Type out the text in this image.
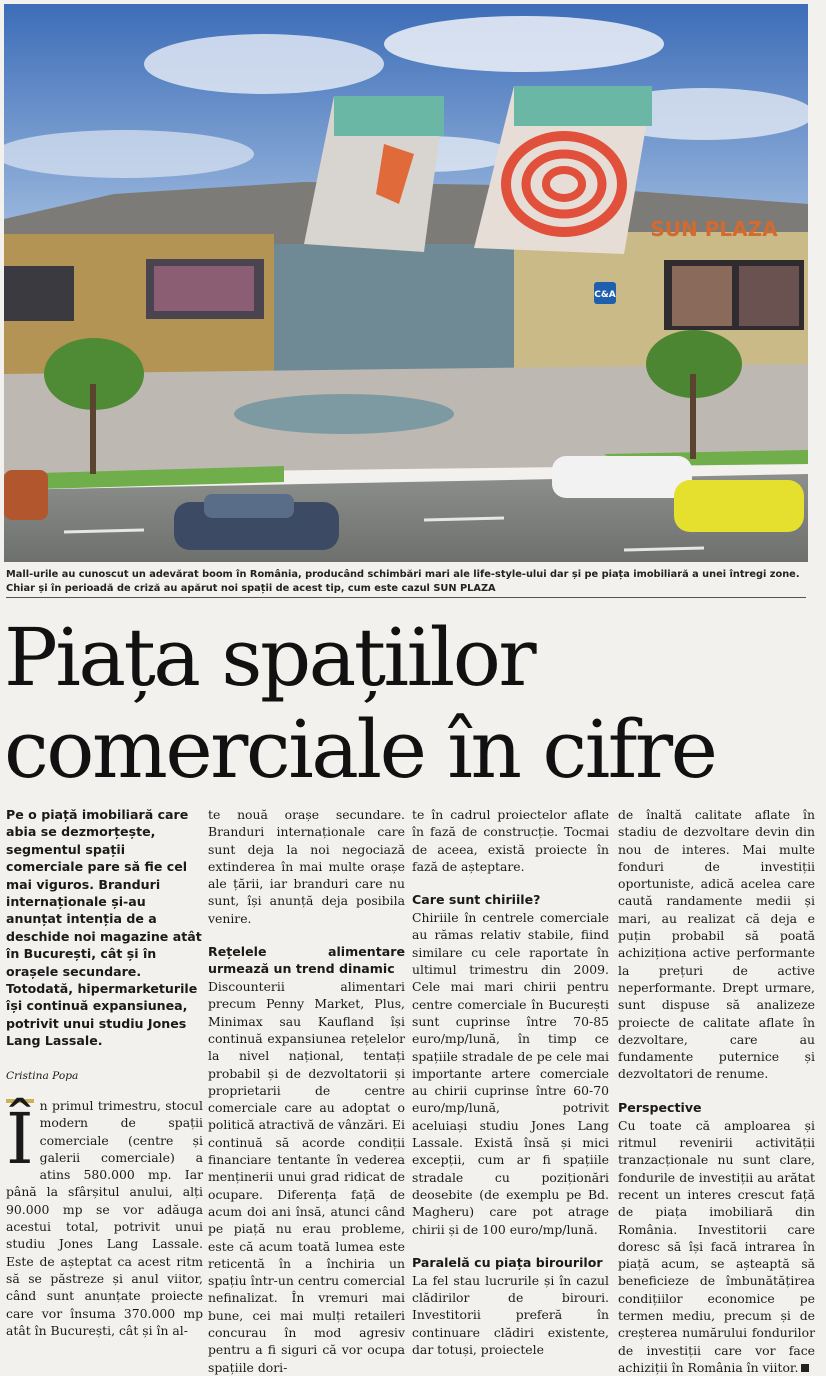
C&A
SUN PLAZA
Mall-urile au cunoscut un adevărat boom în România, producând schimbări mari ale life-style-ului dar și pe piața imobiliară a unei întregi zone.
Chiar și în perioadă de criză au apărut noi spații de acest tip, cum este cazul SUN PLAZA
Piața spațiilor
comerciale în cifre

Pe o piață imobiliară care abia se dezmorțește, segmentul spații comerciale pare să fie cel mai viguros. Branduri internaționale și-au anunțat intenția de a deschide noi magazine atât în București, cât și în orașele secundare. Totodată, hipermarketurile își continuă expansiunea, potrivit unui studiu Jones Lang Lassale.

Cristina Popa

Î n primul trimestru, stocul modern de spații comerciale (centre și galerii comerciale) a atins 580.000 mp. Iar până la sfârșitul anului, alți 90.000 mp se vor adăuga acestui total, potrivit unui studiu Jones Lang Lassale. Este de așteptat ca acest ritm să se păstreze și anul viitor, când sunt anunțate proiecte care vor însuma 370.000 mp atât în București, cât și în al-

te nouă orașe secundare. Branduri internaționale care sunt deja la noi negociază extinderea în mai multe orașe ale țării, iar branduri care nu sunt, își anunță deja posibila venire.

Rețelele alimentare urmează un trend dinamic

Discounterii alimentari precum Penny Market, Plus, Minimax sau Kaufland își continuă expansiunea rețelelor la nivel național, tentați probabil și de dezvoltatorii și proprietarii de centre comerciale care au adoptat o politică atractivă de vânzări. Ei continuă să acorde condiții financiare tentante în vederea menținerii unui grad ridicat de ocupare. Diferența față de acum doi ani însă, atunci când pe piață nu erau probleme, este că acum toată lumea este reticentă în a închiria un spațiu într-un centru comercial nefinalizat. În vremuri mai bune, cei mai mulți retaileri concurau în mod agresiv pentru a fi siguri că vor ocupa spațiile dori-

te în cadrul proiectelor aflate în fază de construcție. Tocmai de aceea, există proiecte în fază de așteptare.

Care sunt chiriile?

Chiriile în centrele comerciale au rămas relativ stabile, fiind similare cu cele raportate în ultimul trimestru din 2009. Cele mai mari chirii pentru centre comerciale în București sunt cuprinse între 70-85 euro/mp/lună, în timp ce spațiile stradale de pe cele mai importante artere comerciale au chirii cuprinse între 60-70 euro/mp/lună, potrivit aceluiași studiu Jones Lang Lassale. Există însă și mici excepții, cum ar fi spațiile stradale cu poziționări deosebite (de exemplu pe Bd. Magheru) care pot atrage chirii și de 100 euro/mp/lună.

Paralelă cu piața birourilor

La fel stau lucrurile și în cazul clădirilor de birouri. Investitorii preferă în continuare clădiri existente, dar totuși, proiectele

de înaltă calitate aflate în stadiu de dezvoltare devin din nou de interes. Mai multe fonduri de investiții oportuniste, adică acelea care caută randamente medii și mari, au realizat că deja e puțin probabil să poată achiziționa active performante la prețuri de active neperformante. Drept urmare, sunt dispuse să analizeze proiecte de calitate aflate în dezvoltare, care au fundamente puternice și dezvoltatori de renume.

Perspective

Cu toate că amploarea și ritmul revenirii activității tranzacționale nu sunt clare, fondurile de investiții au arătat recent un interes crescut față de piața imobiliară din România. Investitorii care doresc să își facă intrarea în piață acum, se așteaptă să beneficieze de îmbunătățirea condițiilor economice pe termen mediu, precum și de creșterea numărului fondurilor de investiții care vor face achiziții în România în viitor.
